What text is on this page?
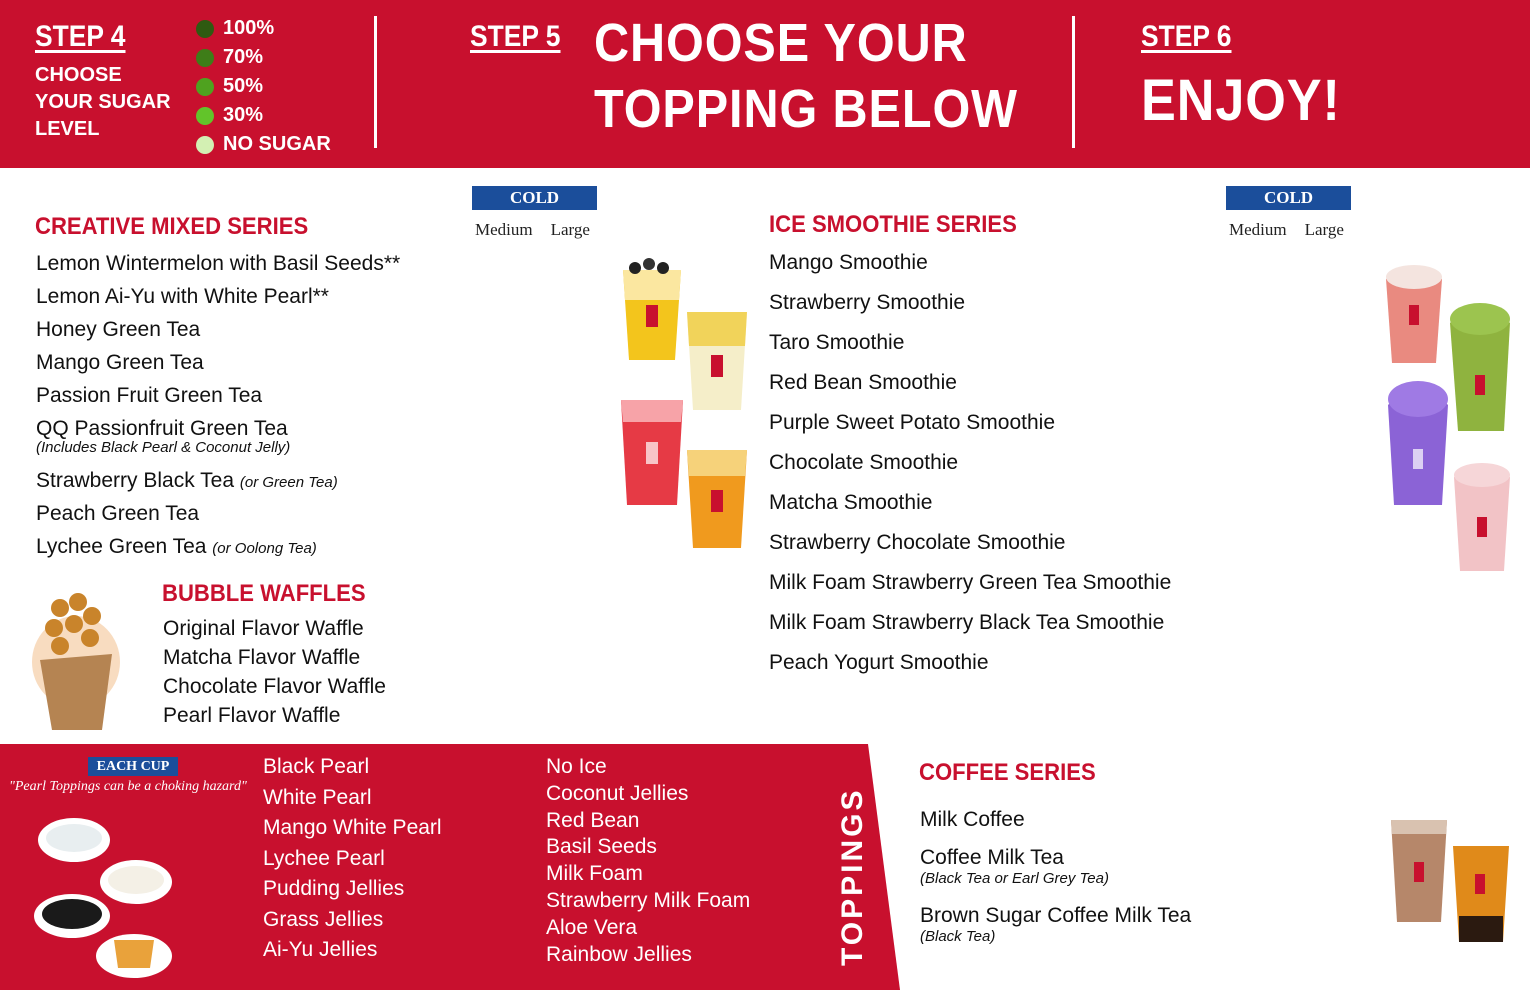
STEP 4
CHOOSE
YOUR SUGAR
LEVEL
100%
70%
50%
30%
NO SUGAR
STEP 5 CHOOSE YOUR
TOPPING BELOW
STEP 6
ENJOY!
COLD
Medium Large
CREATIVE MIXED SERIES
Lemon Wintermelon with Basil Seeds**
Lemon Ai-Yu with White Pearl**
Honey Green Tea
Mango Green Tea
Passion Fruit Green Tea
QQ Passionfruit Green Tea
(Includes Black Pearl & Coconut Jelly)
Strawberry Black Tea (or Green Tea)
Peach Green Tea
Lychee Green Tea (or Oolong Tea)
BUBBLE WAFFLES
Original Flavor Waffle
Matcha Flavor Waffle
Chocolate Flavor Waffle
Pearl Flavor Waffle
COLD
Medium Large
ICE SMOOTHIE SERIES
Mango Smoothie
Strawberry Smoothie
Taro Smoothie
Red Bean Smoothie
Purple Sweet Potato Smoothie
Chocolate Smoothie
Matcha Smoothie
Strawberry Chocolate Smoothie
Milk Foam Strawberry Green Tea Smoothie
Milk Foam Strawberry Black Tea Smoothie
Peach Yogurt Smoothie
EACH CUP
"Pearl Toppings can be a choking hazard"
Black Pearl
White Pearl
Mango White Pearl
Lychee Pearl
Pudding Jellies
Grass Jellies
Ai-Yu Jellies
No Ice
Coconut Jellies
Red Bean
Basil Seeds
Milk Foam
Strawberry Milk Foam
Aloe Vera
Rainbow Jellies	TOPPINGS
COFFEE SERIES
Milk Coffee
Coffee Milk Tea
(Black Tea or Earl Grey Tea)
Brown Sugar Coffee Milk Tea
(Black Tea)
